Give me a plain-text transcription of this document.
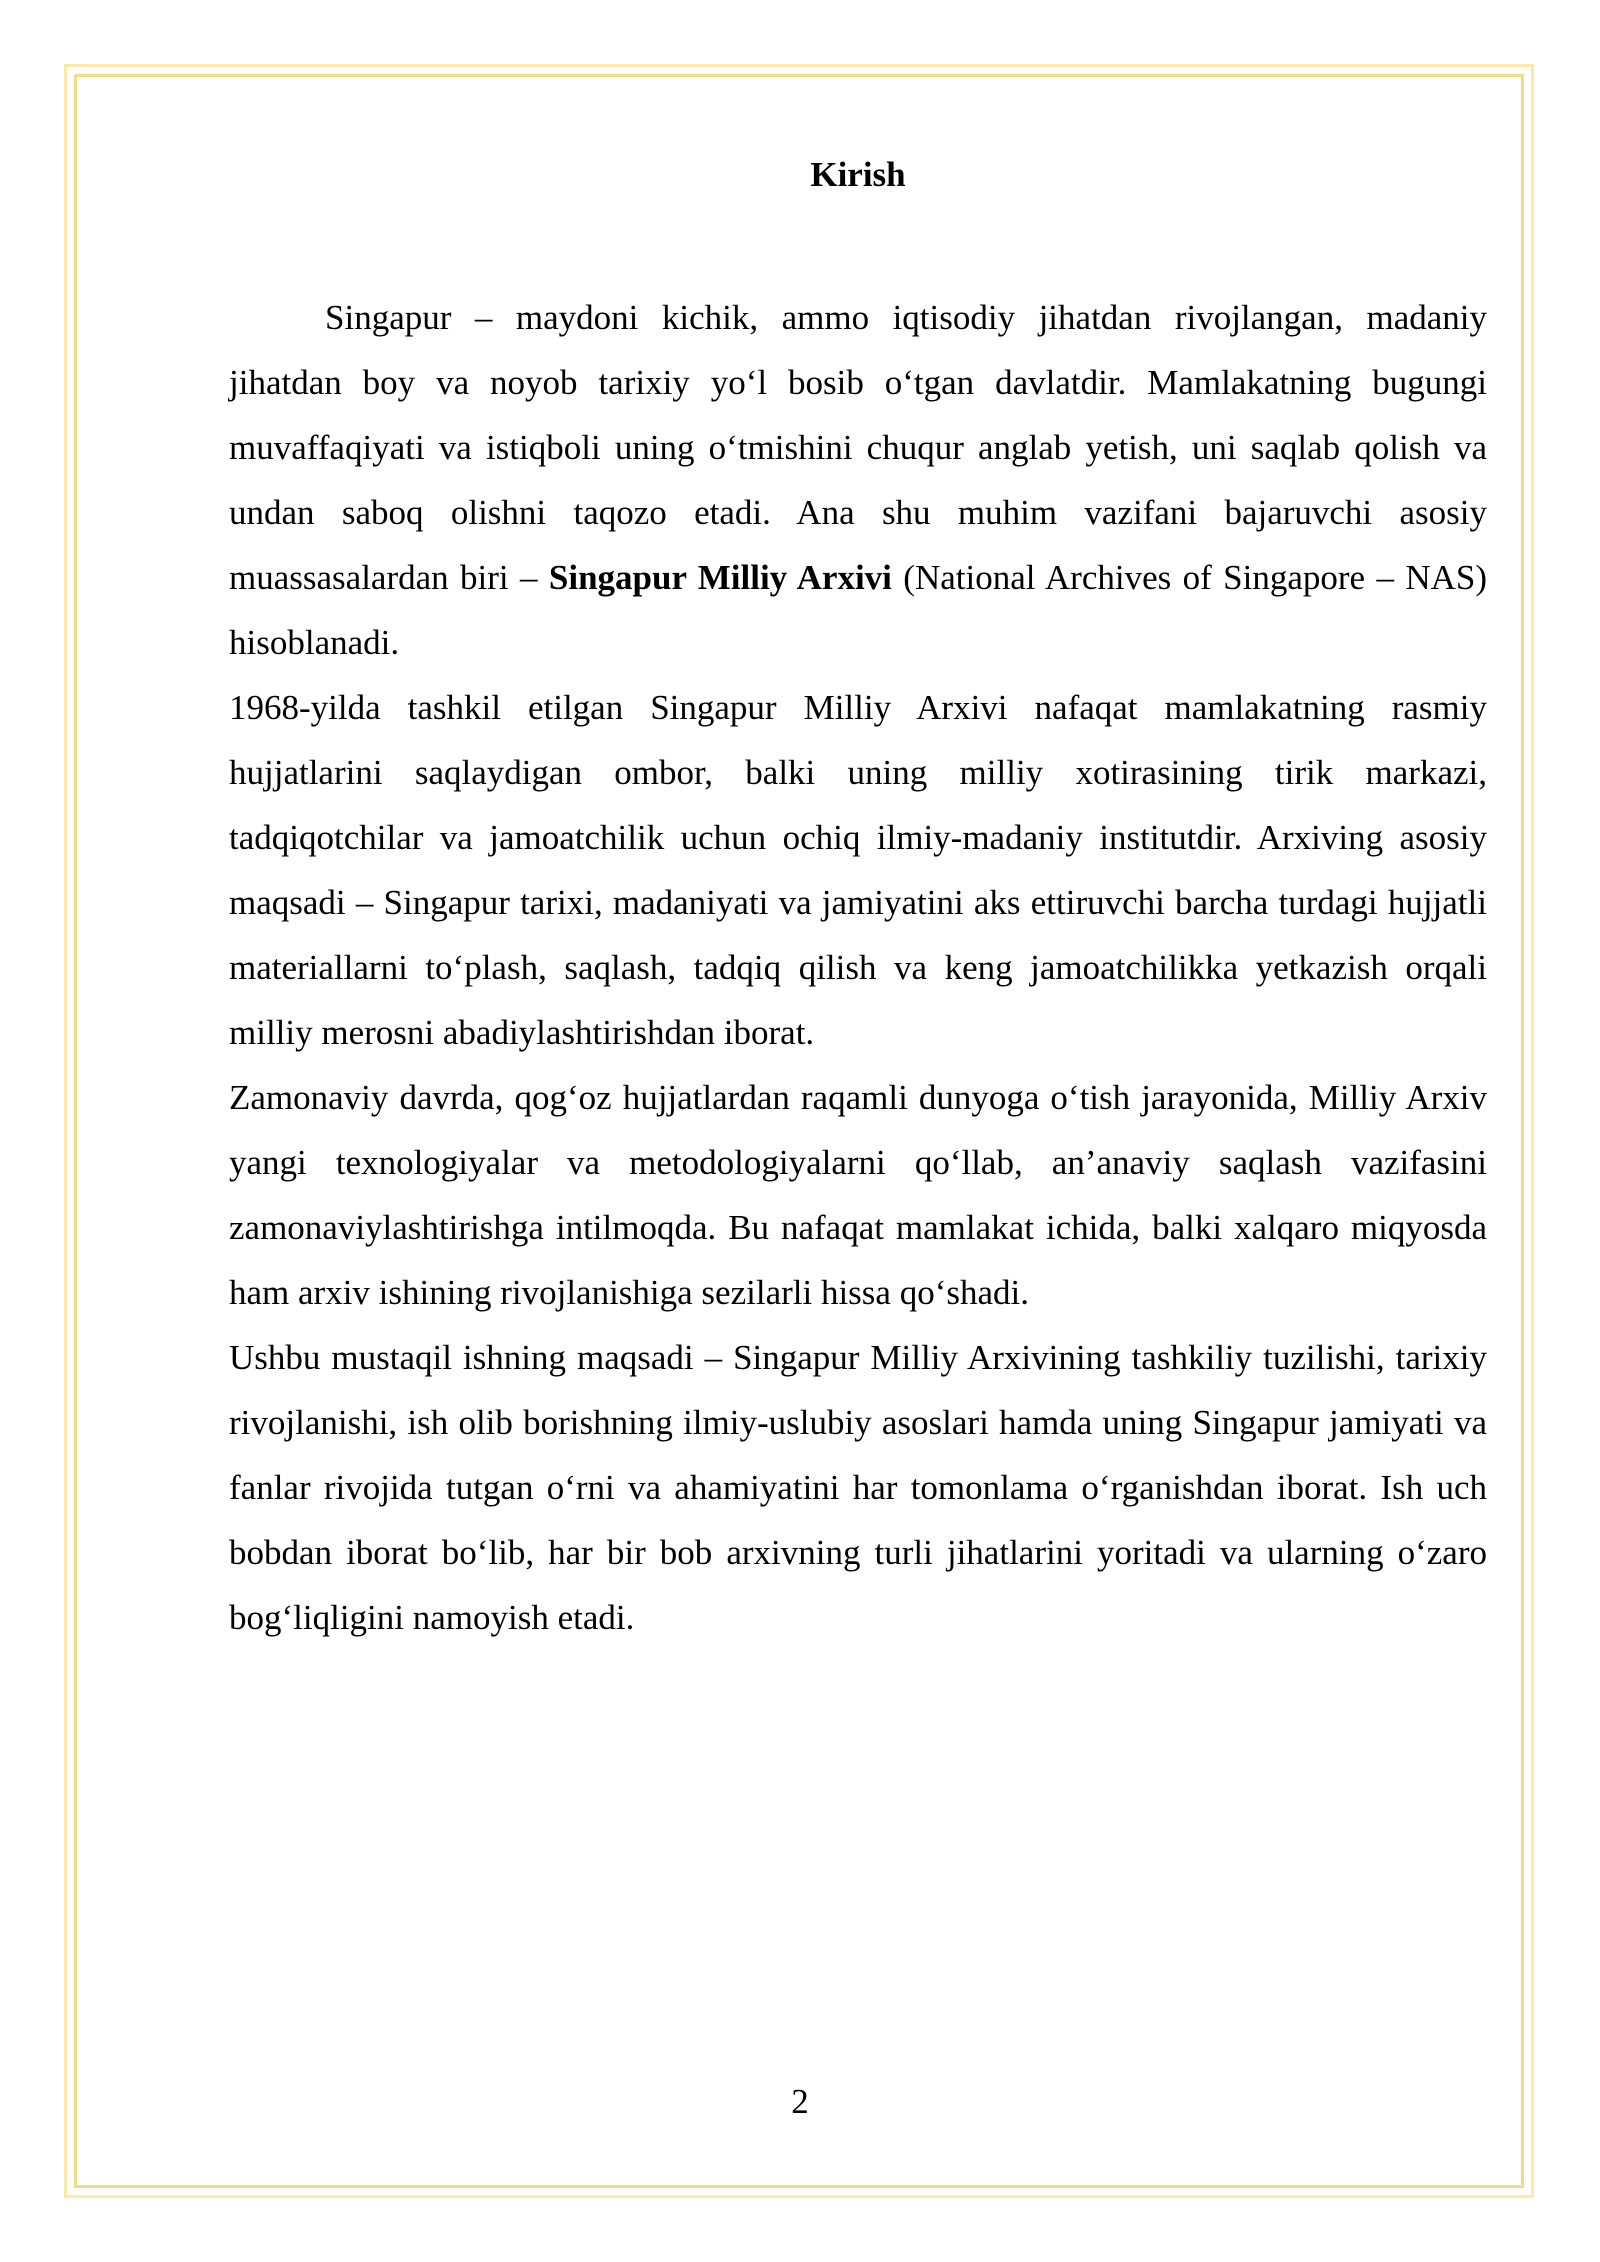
Kirish

Singapur – maydoni kichik, ammo iqtisodiy jihatdan rivojlangan, madaniy jihatdan boy va noyob tarixiy yo‘l bosib o‘tgan davlatdir. Mamlakatning bugungi muvaffaqiyati va istiqboli uning o‘tmishini chuqur anglab yetish, uni saqlab qolish va undan saboq olishni taqozo etadi. Ana shu muhim vazifani bajaruvchi asosiy muassasalardan biri – Singapur Milliy Arxivi (National Archives of Singapore – NAS) hisoblanadi.

1968-yilda tashkil etilgan Singapur Milliy Arxivi nafaqat mamlakatning rasmiy hujjatlarini saqlaydigan ombor, balki uning milliy xotirasining tirik markazi, tadqiqotchilar va jamoatchilik uchun ochiq ilmiy-madaniy institutdir. Arxiving asosiy maqsadi – Singapur tarixi, madaniyati va jamiyatini aks ettiruvchi barcha turdagi hujjatli materiallarni to‘plash, saqlash, tadqiq qilish va keng jamoatchilikka yetkazish orqali milliy merosni abadiylashtirishdan iborat.

Zamonaviy davrda, qog‘oz hujjatlardan raqamli dunyoga o‘tish jarayonida, Milliy Arxiv yangi texnologiyalar va metodologiyalarni qo‘llab, an’anaviy saqlash vazifasini zamonaviylashtirishga intilmoqda. Bu nafaqat mamlakat ichida, balki xalqaro miqyosda ham arxiv ishining rivojlanishiga sezilarli hissa qo‘shadi.

Ushbu mustaqil ishning maqsadi – Singapur Milliy Arxivining tashkiliy tuzilishi, tarixiy rivojlanishi, ish olib borishning ilmiy-uslubiy asoslari hamda uning Singapur jamiyati va fanlar rivojida tutgan o‘rni va ahamiyatini har tomonlama o‘rganishdan iborat. Ish uch bobdan iborat bo‘lib, har bir bob arxivning turli jihatlarini yoritadi va ularning o‘zaro bog‘liqligini namoyish etadi.

2
